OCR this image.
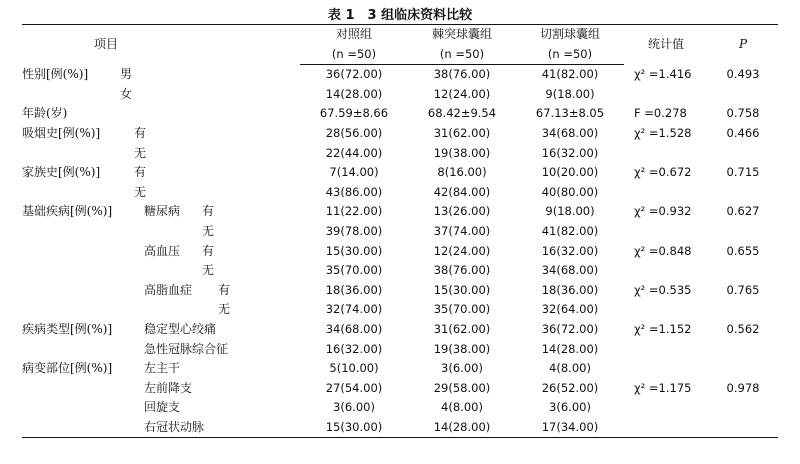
表 1　3 组临床资料比较
项目	对照组	棘突球囊组	切割球囊组	统计值	P
	(n =50)	(n =50)	(n =50)		
性别[例(%)] 男	36(72.00)	38(76.00)	41(82.00)	χ² =1.416	0.493

女	14(28.00)	12(24.00)	9(18.00)		
年龄(岁)	67.59±8.66	68.42±9.54	67.13±8.05	F =0.278	0.758
吸烟史[例(%)] 有	28(56.00)	31(62.00)	34(68.00)	χ² =1.528	0.466

无	22(44.00)	19(38.00)	16(32.00)		
家族史[例(%)] 有	7(14.00)	8(16.00)	10(20.00)	χ² =0.672	0.715

无	43(86.00)	42(84.00)	40(80.00)		
基础疾病[例(%)] 糖尿病 有	11(22.00)	13(26.00)	9(18.00)	χ² =0.932	0.627

无	39(78.00)	37(74.00)	41(82.00)		

高血压 有	15(30.00)	12(24.00)	16(32.00)	χ² =0.848	0.655

无	35(70.00)	38(76.00)	34(68.00)		

高脂血症 有	18(36.00)	15(30.00)	18(36.00)	χ² =0.535	0.765

无	32(74.00)	35(70.00)	32(64.00)		
疾病类型[例(%)] 稳定型心绞痛	34(68.00)	31(62.00)	36(72.00)	χ² =1.152	0.562

急性冠脉综合征	16(32.00)	19(38.00)	14(28.00)		
病变部位[例(%)] 左主干	5(10.00)	3(6.00)	4(8.00)		

左前降支	27(54.00)	29(58.00)	26(52.00)	χ² =1.175	0.978

回旋支	3(6.00)	4(8.00)	3(6.00)		

右冠状动脉	15(30.00)	14(28.00)	17(34.00)		
